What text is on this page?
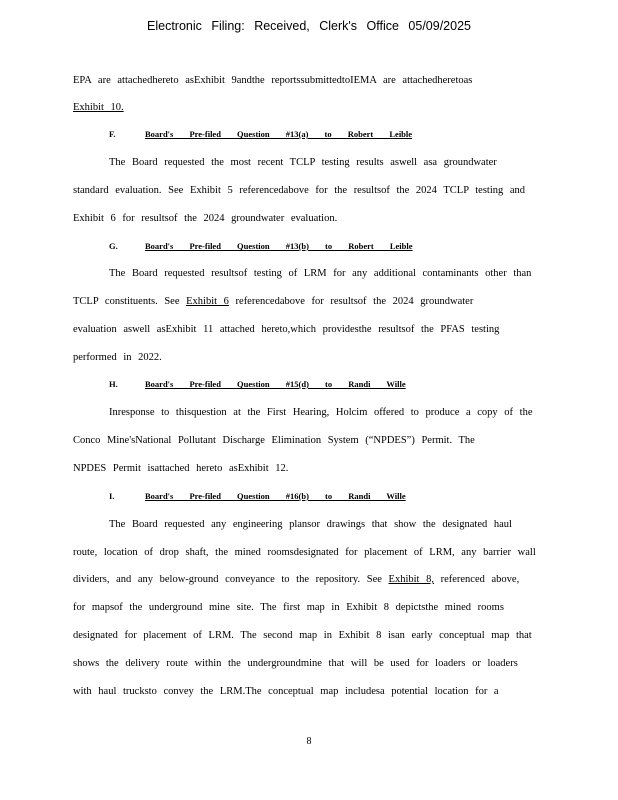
Electronic Filing: Received, Clerk's Office 05/09/2025
EPA are attachedhereto asExhibit 9andthe reportssubmittedtoIEMA are attachedheretoas
Exhibit 10.
F.	Board's Pre-filed Question #13(a) to Robert Leible
The Board requested the most recent TCLP testing results aswell asa groundwater
standard evaluation. See Exhibit 5 referencedabove for the resultsof the 2024 TCLP testing and
Exhibit 6 for resultsof the 2024 groundwater evaluation.
G.	Board's Pre-filed Question #13(b) to Robert Leible
The Board requested resultsof testing of LRM for any additional contaminants other than
TCLP constituents. See Exhibit 6 referencedabove for resultsof the 2024 groundwater
evaluation aswell asExhibit 11 attached hereto,which providesthe resultsof the PFAS testing
performed in 2022.
H.	Board's Pre-filed Question #15(d) to Randi Wille
Inresponse to thisquestion at the First Hearing, Holcim offered to produce a copy of the
Conco Mine'sNational Pollutant Discharge Elimination System (“NPDES”) Permit. The
NPDES Permit isattached hereto asExhibit 12.
I.	Board's Pre-filed Question #16(b) to Randi Wille
The Board requested any engineering plansor drawings that show the designated haul
route, location of drop shaft, the mined roomsdesignated for placement of LRM, any barrier wall
dividers, and any below-ground conveyance to the repository. See Exhibit 8, referenced above,
for mapsof the underground mine site. The first map in Exhibit 8 depictsthe mined rooms
designated for placement of LRM. The second map in Exhibit 8 isan early conceptual map that
shows the delivery route within the undergroundmine that will be used for loaders or loaders
with haul trucksto convey the LRM.The conceptual map includesa potential location for a
8
